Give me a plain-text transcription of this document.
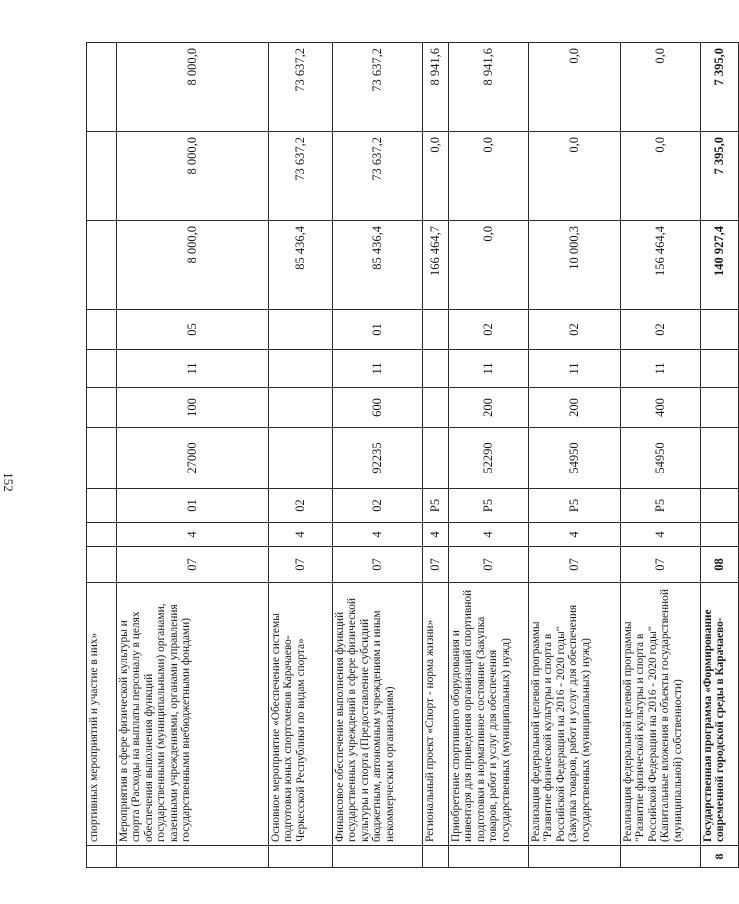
152
	спортивных мероприятий и участие в них»										
	Мероприятия в сфере физической культуры и спорта (Расходы на выплаты персоналу в целях обеспечения выполнения функций государственными (муниципальными) органами, казенными учреждениями, органами управления государственными внебюджетными фондами)	07	4	01	27000	100	11	05	8 000,0	8 000,0	8 000,0
	Основное мероприятие «Обеспечение системы подготовки юных спортсменов Карачаево-Черкесской Республики по видам спорта»	07	4	02					85 436,4	73 637,2	73 637,2
	Финансовое обеспечение выполнения функций государственных учреждений в сфере физической культуры и спорта (Предоставление субсидий бюджетным, автономным учреждениям и иным некоммерческим организациям)	07	4	02	92235	600	11	01	85 436,4	73 637,2	73 637,2
	Региональный проект «Спорт - норма жизни»	07	4	P5					166 464,7	0,0	8 941,6
	Приобретение спортивного оборудования и инвентаря для приведения организаций спортивной подготовки в нормативное состояние (Закупка товаров, работ и услуг для обеспечения государственных (муниципальных) нужд)	07	4	P5	52290	200	11	02	0,0	0,0	8 941,6
	Реализация федеральной целевой программы "Развитие физической культуры и спорта в Российской Федерации на 2016 - 2020 годы" (Закупка товаров, работ и услуг для обеспечения государственных (муниципальных) нужд)	07	4	P5	54950	200	11	02	10 000,3	0,0	0,0
	Реализация федеральной целевой программы "Развитие физической культуры и спорта в Российской Федерации на 2016 - 2020 годы" (Капитальные вложения в объекты государственной (муниципальной) собственности)	07	4	P5	54950	400	11	02	156 464,4	0,0	0,0
8	Государственная программа «Формирование современной городской среды в Карачаево-	08							140 927,4	7 395,0	7 395,0
